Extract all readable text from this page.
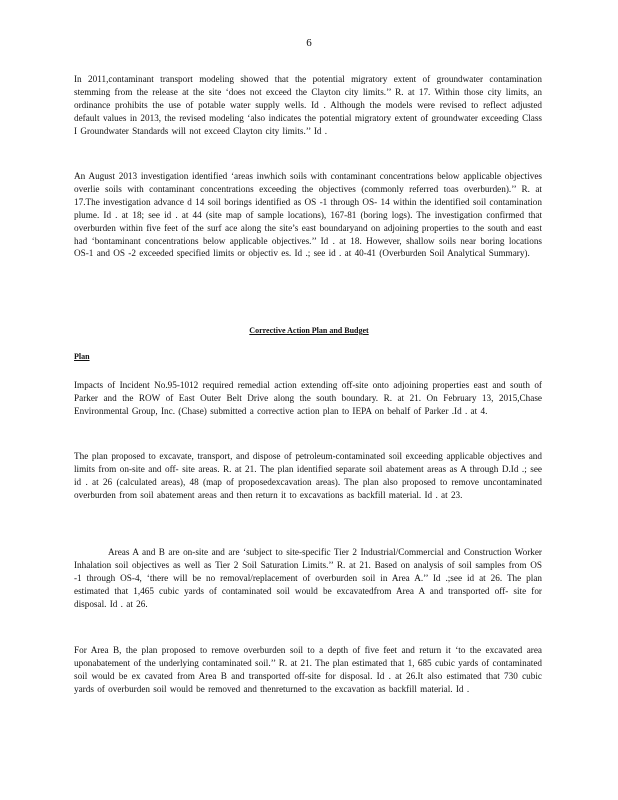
6
In 2011,contaminant transport modeling showed that the potential migratory extent of groundwater contamination stemming from the release at the site ‘does not exceed the Clayton city limits.’’ R. at 17. Within those city limits, an ordinance prohibits the use of potable water supply wells. Id . Although the models were revised to reflect adjusted default values in 2013, the revised modeling ‘also indicates the potential migratory extent of groundwater exceeding Class I Groundwater Standards will not exceed Clayton city limits.’’ Id .
An August 2013 investigation identified ‘areas inwhich soils with contaminant concentrations below applicable objectives overlie soils with contaminant concentrations exceeding the objectives (commonly referred toas overburden).’’ R. at 17.The investigation advance d 14 soil borings identified as OS -1 through OS- 14 within the identified soil contamination plume. Id . at 18; see id . at 44 (site map of sample locations), 167-81 (boring logs). The investigation confirmed that overburden within five feet of the surf ace along the site’s east boundaryand on adjoining properties to the south and east had ‘bontaminant concentrations below applicable objectives.’’ Id . at 18. However, shallow soils near boring locations OS-1 and OS -2 exceeded specified limits or objectiv es. Id .; see id . at 40-41 (Overburden Soil Analytical Summary).
Corrective Action Plan and Budget
Plan
Impacts of Incident No.95-1012 required remedial action extending off-site onto adjoining properties east and south of Parker and the ROW of East Outer Belt Drive along the south boundary. R. at 21. On February 13, 2015,Chase Environmental Group, Inc. (Chase) submitted a corrective action plan to IEPA on behalf of Parker .Id . at 4.
The plan proposed to excavate, transport, and dispose of petroleum-contaminated soil exceeding applicable objectives and limits from on-site and off- site areas. R. at 21. The plan identified separate soil abatement areas as A through D.Id .; see id . at 26 (calculated areas), 48 (map of proposedexcavation areas). The plan also proposed to remove uncontaminated overburden from soil abatement areas and then return it to excavations as backfill material. Id . at 23.
Areas A and B are on-site and are ‘subject to site-specific Tier 2 Industrial/Commercial and Construction Worker Inhalation soil objectives as well as Tier 2 Soil Saturation Limits.’’ R. at 21. Based on analysis of soil samples from OS -1 through OS-4, ‘there will be no removal/replacement of overburden soil in Area A.’’ Id .;see id at 26. The plan estimated that 1,465 cubic yards of contaminated soil would be excavatedfrom Area A and transported off- site for disposal. Id . at 26.
For Area B, the plan proposed to remove overburden soil to a depth of five feet and return it ‘to the excavated area uponabatement of the underlying contaminated soil.’’ R. at 21. The plan estimated that 1, 685 cubic yards of contaminated soil would be ex cavated from Area B and transported off-site for disposal. Id . at 26.It also estimated that 730 cubic yards of overburden soil would be removed and thenreturned to the excavation as backfill material. Id .
